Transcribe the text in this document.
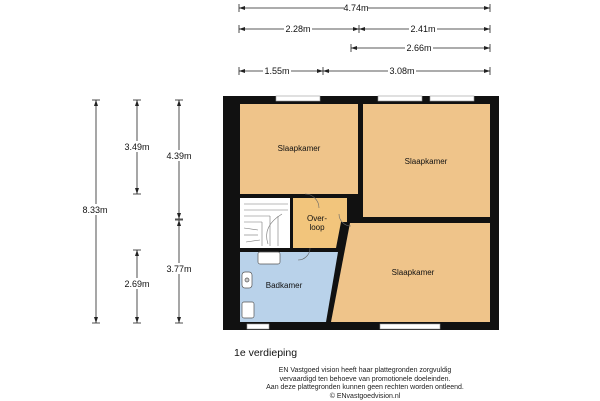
4.74m
2.28m	2.41m
2.66m
1.55m	3.08m
8.33m
3.49m
4.39m
2.69m
3.77m
Slaapkamer
Slaapkamer
Over-
loop
Badkamer
Slaapkamer
1e verdieping
EN Vastgoed vision heeft haar plattegronden zorgvuldig
vervaardigd ten behoeve van promotionele doeleinden.
Aan deze plattegronden kunnen geen rechten worden ontleend.
© ENvastgoedvision.nl
